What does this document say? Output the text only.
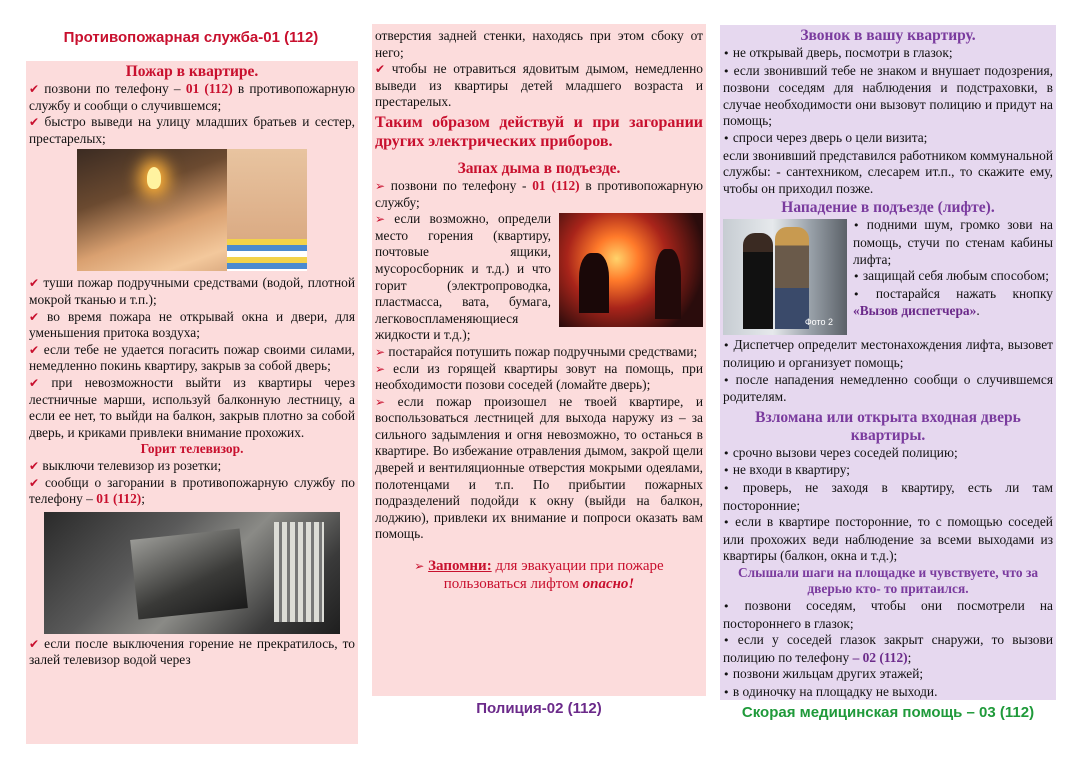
Противопожарная служба-01 (112)
Пожар в квартире.

✔ позвони по телефону – 01 (112) в противопожарную службу и сообщи о случившемся;

✔ быстро выведи на улицу младших братьев и сестер, престарелых;

✔ туши пожар подручными средствами (водой, плотной мокрой тканью и т.п.);

✔ во время пожара не открывай окна и двери, для уменьшения притока воздуха;

✔ если тебе не удается погасить пожар своими силами, немедленно покинь квартиру, закрыв за собой дверь;

✔ при невозможности выйти из квартиры через лестничные марши, используй балконную лестницу, а если ее нет, то выйди на балкон, закрыв плотно за собой дверь, и криками привлеки внимание прохожих.

Горит телевизор.

✔ выключи телевизор из розетки;

✔ сообщи о загорании в противопожарную службу по телефону – 01 (112);

✔ если после выключения горение не прекратилось, то залей телевизор водой через

отверстия задней стенки, находясь при этом сбоку от него;

✔ чтобы не отравиться ядовитым дымом, немедленно выведи из квартиры детей младшего возраста и престарелых.

Таким образом действуй и при загорании других электрических приборов.

Запах дыма в подъезде.

➢ позвони по телефону - 01 (112) в противопожарную службу;

➢ если возможно, определи место горения (квартиру, почтовые ящики, мусоросборник и т.д.) и что горит (электропроводка, пластмасса, вата, бумага, легковоспламеняющиеся жидкости и т.д.);

➢ постарайся потушить пожар подручными средствами;

➢ если из горящей квартиры зовут на помощь, при необходимости позови соседей (ломайте дверь);

➢ если пожар произошел не твоей квартире, и воспользоваться лестницей для выхода наружу из – за сильного задымления и огня невозможно, то останься в квартире. Во избежание отравления дымом, закрой щели дверей и вентиляционные отверстия мокрыми одеялами, полотенцами и т.п. По прибытии пожарных подразделений подойди к окну (выйди на балкон, лоджию), привлеки их внимание и попроси оказать вам помощь.

➢ Запомни: для эвакуации при пожаре пользоваться лифтом опасно!

Полиция-02 (112)
Звонок в вашу квартиру.

• не открывай дверь, посмотри в глазок;

• если звонивший тебе не знаком и внушает подозрения, позвони соседям для наблюдения и подстраховки, в случае необходимости они вызовут полицию и придут на помощь;

• спроси через дверь о цели визита;

если звонивший представился работником коммунальной службы: - сантехником, слесарем ит.п., то скажите ему, чтобы он приходил позже.

Нападение в подъезде (лифте).
Фото 2

• подними шум, громко зови на помощь, стучи по стенам кабины лифта;

• защищай себя любым способом;

• постарайся нажать кнопку «Вызов диспетчера».

• Диспетчер определит местонахождения лифта, вызовет полицию и организует помощь;

• после нападения немедленно сообщи о случившемся родителям.

Взломана или открыта входная дверь квартиры.

• срочно вызови через соседей полицию;

• не входи в квартиру;

• проверь, не заходя в квартиру, есть ли там посторонние;

• если в квартире посторонние, то с помощью соседей или прохожих веди наблюдение за всеми выходами из квартиры (балкон, окна и т.д.);

Слышали шаги на площадке и чувствуете, что за дверью кто- то притаился.

• позвони соседям, чтобы они посмотрели на постороннего в глазок;

• если у соседей глазок закрыт снаружи, то вызови полицию по телефону – 02 (112);

• позвони жильцам других этажей;

• в одиночку на площадку не выходи.

Скорая медицинская помощь – 03 (112)
